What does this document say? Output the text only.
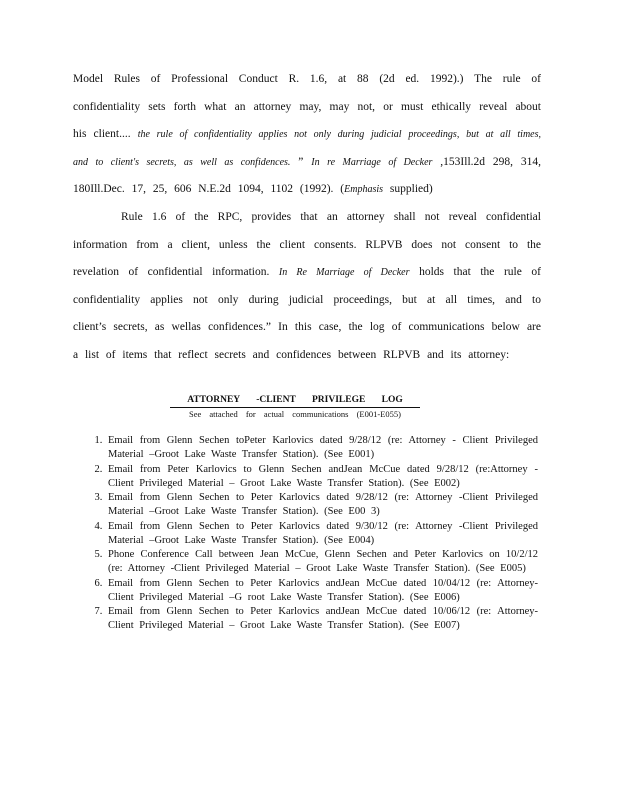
Model Rules of Professional Conduct R. 1.6, at 88 (2d ed. 1992).) The rule of confidentiality sets forth what an attorney may, may not, or must ethically reveal about his client.... the rule of confidentiality applies not only during judicial proceedings, but at all times, and to client's secrets, as well as confidences. ” In re Marriage of Decker ,153Ill.2d 298, 314, 180Ill.Dec. 17, 25, 606 N.E.2d 1094, 1102 (1992). (Emphasis supplied)

Rule 1.6 of the RPC, provides that an attorney shall not reveal confidential information from a client, unless the client consents. RLPVB does not consent to the revelation of confidential information. In Re Marriage of Decker holds that the rule of confidentiality applies not only during judicial proceedings, but at all times, and to client’s secrets, as wellas confidences.” In this case, the log of communications below are a list of items that reflect secrets and confidences between RLPVB and its attorney:

ATTORNEY -CLIENT PRIVILEGE LOG
See attached for actual communications (E001-E055)
1. Email from Glenn Sechen toPeter Karlovics dated 9/28/12 (re: Attorney - Client Privileged Material –Groot Lake Waste Transfer Station). (See E001)
2. Email from Peter Karlovics to Glenn Sechen andJean McCue dated 9/28/12 (re:Attorney -Client Privileged Material – Groot Lake Waste Transfer Station). (See E002)
3. Email from Glenn Sechen to Peter Karlovics dated 9/28/12 (re: Attorney -Client Privileged Material –Groot Lake Waste Transfer Station). (See E00 3)
4. Email from Glenn Sechen to Peter Karlovics dated 9/30/12 (re: Attorney -Client Privileged Material –Groot Lake Waste Transfer Station). (See E004)
5. Phone Conference Call between Jean McCue, Glenn Sechen and Peter Karlovics on 10/2/12 (re: Attorney -Client Privileged Material – Groot Lake Waste Transfer Station). (See E005)
6. Email from Glenn Sechen to Peter Karlovics andJean McCue dated 10/04/12 (re: Attorney- Client Privileged Material –G root Lake Waste Transfer Station). (See E006)
7. Email from Glenn Sechen to Peter Karlovics andJean McCue dated 10/06/12 (re: Attorney- Client Privileged Material – Groot Lake Waste Transfer Station). (See E007)
